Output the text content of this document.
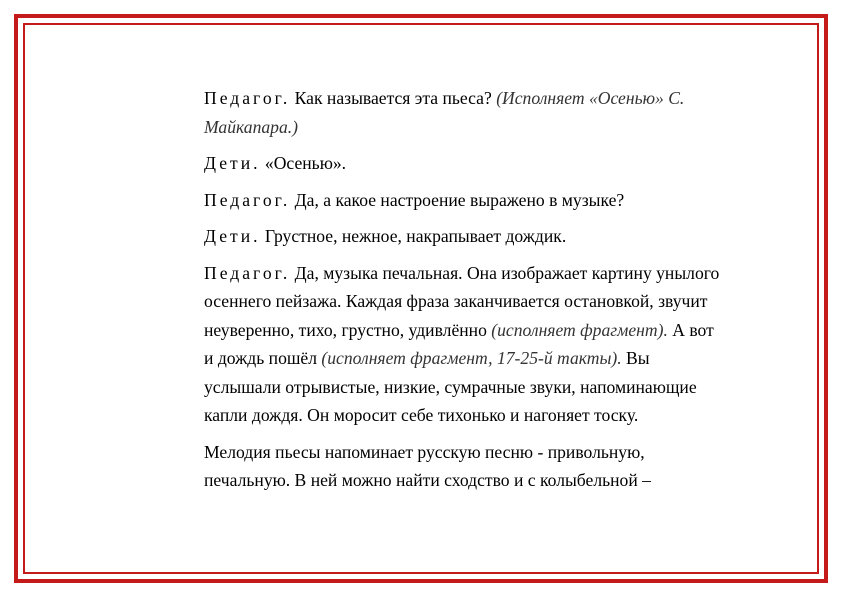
Педагог. Как называется эта пьеса? (Исполняет «Осенью» С. Майкапара.)

Дети. «Осенью».

Педагог. Да, а какое настроение выражено в музыке?

Дети. Грустное, нежное, накрапывает дождик.

Педагог. Да, музыка печальная. Она изображает картину унылого осеннего пейзажа. Каждая фраза заканчивается остановкой, звучит неуверенно, тихо, грустно, удивлённо (исполняет фрагмент). А вот и дождь пошёл (исполняет фрагмент, 17-25-й такты). Вы услышали отрывистые, низкие, сумрачные звуки, напоминающие капли дождя. Он моросит себе тихонько и нагоняет тоску.

Мелодия пьесы напоминает русскую песню - привольную, печальную. В ней можно найти сходство и с колыбельной –
